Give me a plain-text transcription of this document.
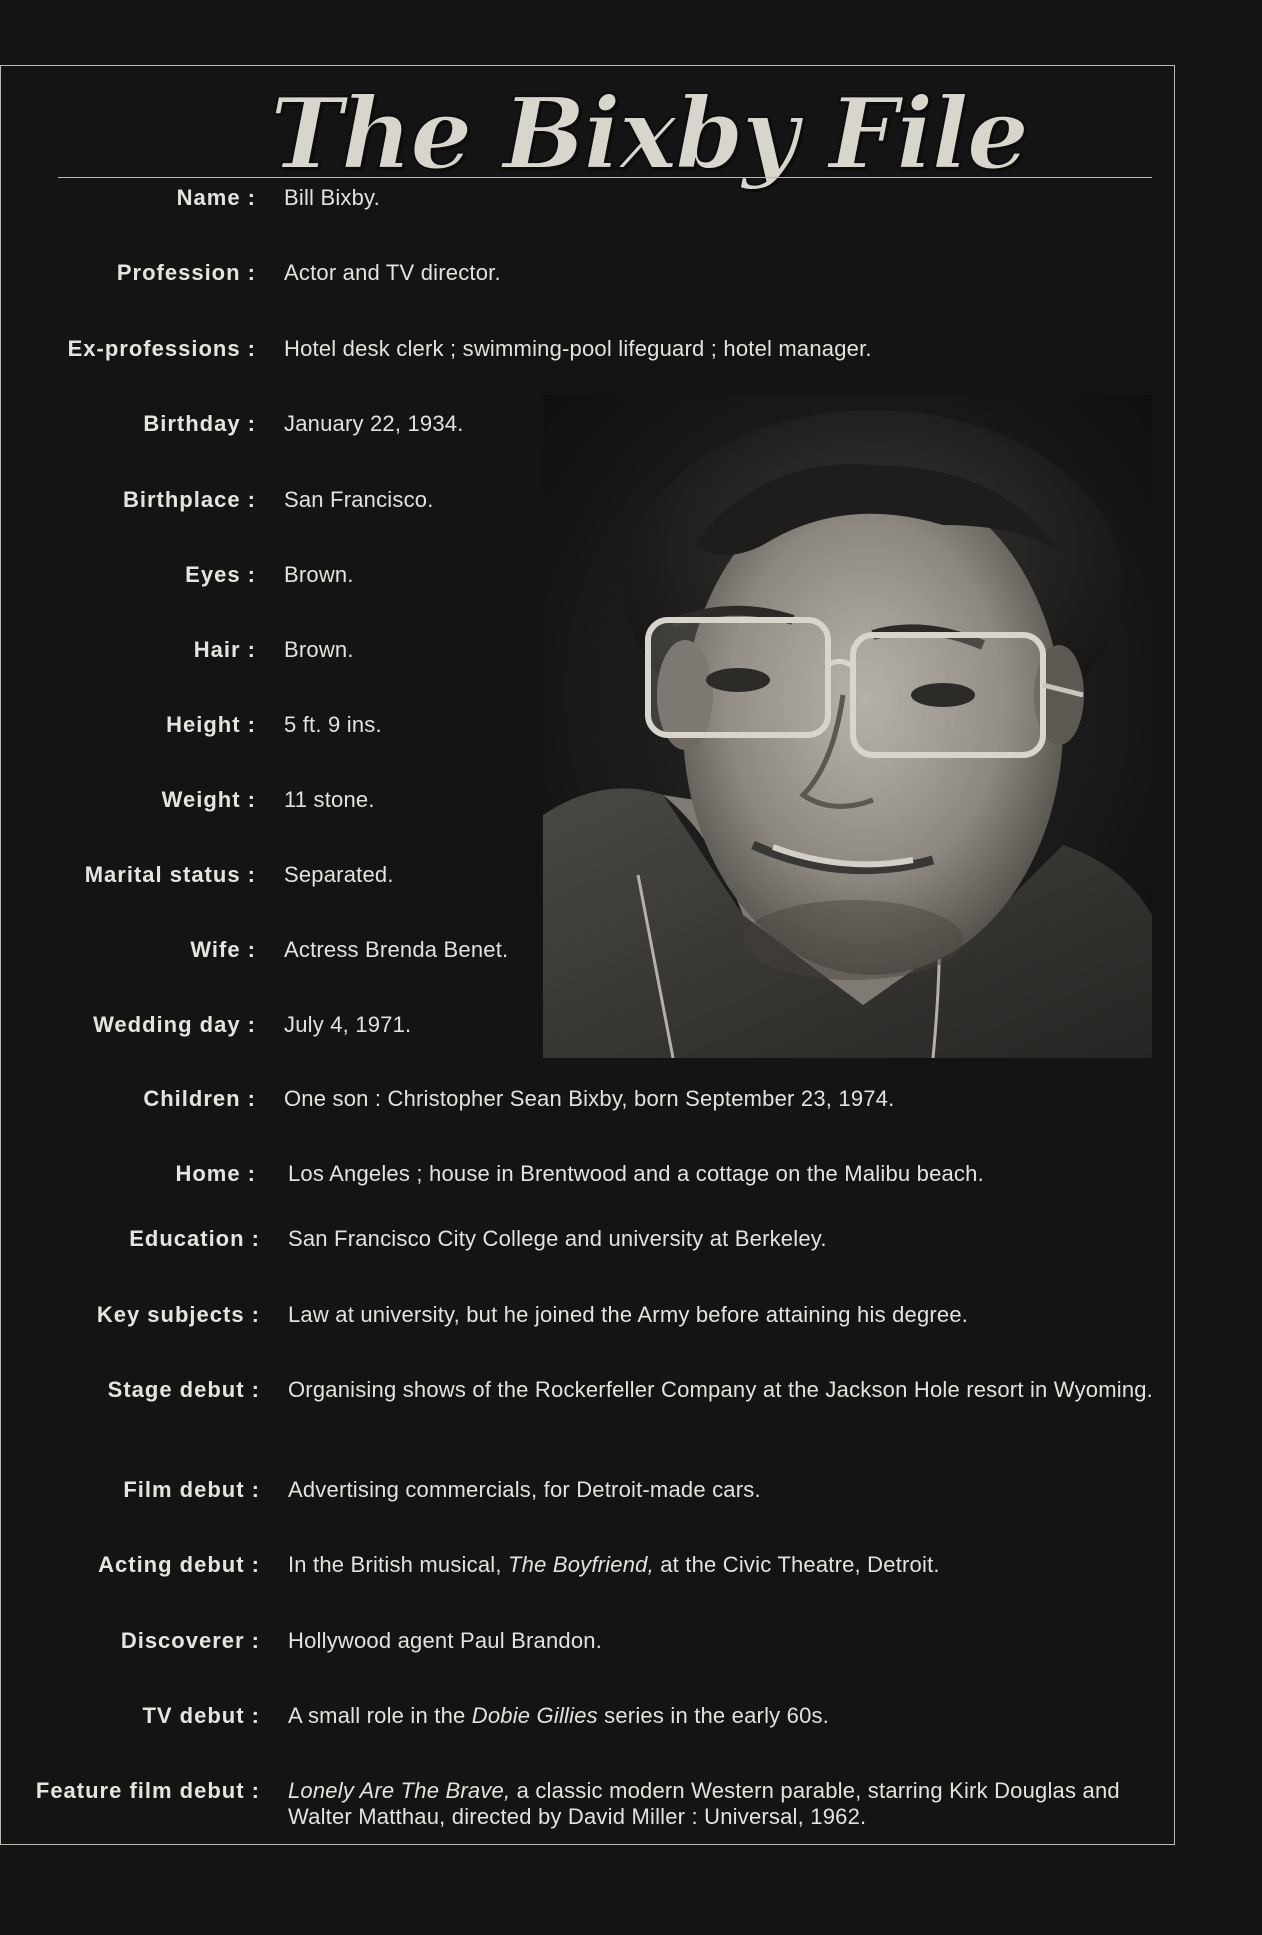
The Bixby File
Name : Bill Bixby.
Profession : Actor and TV director.
Ex-professions : Hotel desk clerk ; swimming-pool lifeguard ; hotel manager.
Birthday : January 22, 1934.
Birthplace : San Francisco.
Eyes : Brown.
Hair : Brown.
Height : 5 ft. 9 ins.
Weight : 11 stone.
Marital status : Separated.
Wife : Actress Brenda Benet.
Wedding day : July 4, 1971.
Children : One son : Christopher Sean Bixby, born September 23, 1974.
Home : Los Angeles ; house in Brentwood and a cottage on the Malibu beach.
Education : San Francisco City College and university at Berkeley.
Key subjects : Law at university, but he joined the Army before attaining his degree.
Stage debut : Organising shows of the Rockerfeller Company at the Jackson Hole resort in Wyoming.
Film debut : Advertising commercials, for Detroit-made cars.
Acting debut : In the British musical, The Boyfriend, at the Civic Theatre, Detroit.
Discoverer : Hollywood agent Paul Brandon.
TV debut : A small role in the Dobie Gillies series in the early 60s.
Feature film debut : Lonely Are The Brave, a classic modern Western parable, starring Kirk Douglas and Walter Matthau, directed by David Miller : Universal, 1962.
